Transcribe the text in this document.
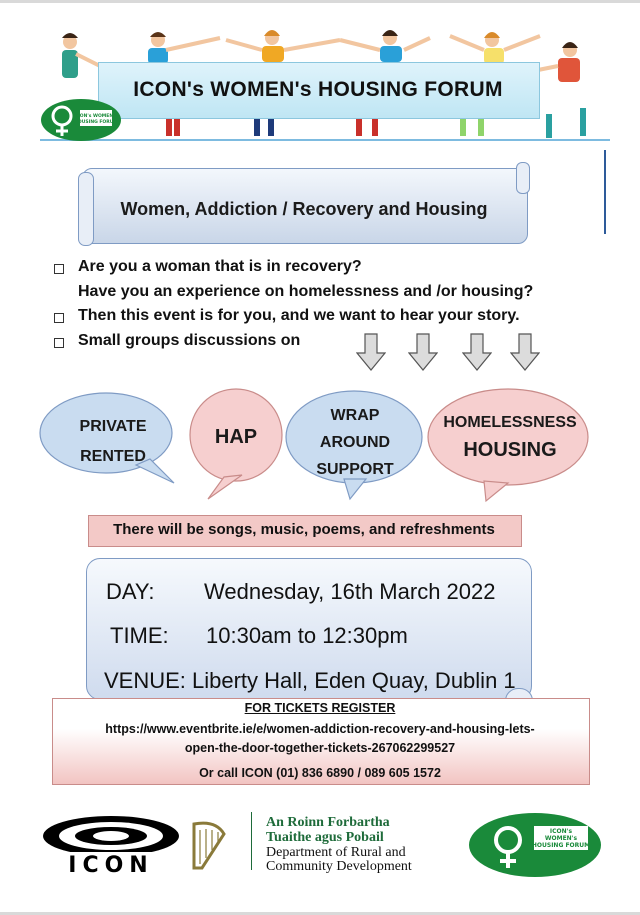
ICON's WOMEN's HOUSING FORUM
ICON's WOMEN's
HOUSING FORUM
Women, Addiction / Recovery and Housing
Are you a woman that is in recovery?
Have you an experience on homelessness and /or housing?
Then this event is for you, and we want to hear your story.
Small groups discussions on
PRIVATE
RENTED
HAP
WRAP
AROUND
SUPPORT
HOMELESSNESS
HOUSING
There will be songs, music, poems, and refreshments
DAY: Wednesday, 16th March 2022
TIME: 10:30am to 12:30pm
VENUE: Liberty Hall, Eden Quay, Dublin 1
FOR TICKETS REGISTER
https://www.eventbrite.ie/e/women-addiction-recovery-and-housing-lets-
open-the-door-together-tickets-267062299527
Or call ICON (01) 836 6890 / 089 605 1572
ICON
An Roinn Forbartha
Tuaithe agus Pobail
Department of Rural and
Community Development
ICON's
WOMEN's
HOUSING FORUM
